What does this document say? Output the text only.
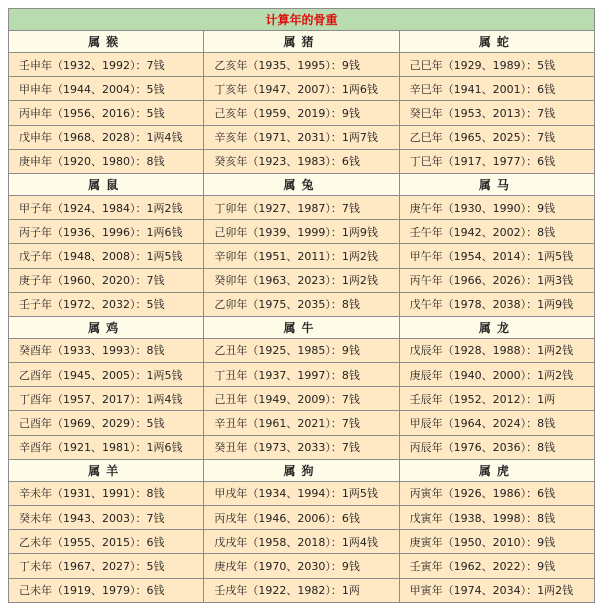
计算年的骨重		
属猴	属猪	属蛇
壬申年（1932、1992）：7钱	乙亥年（1935、1995）：9钱	己巳年（1929、1989）：5钱
甲申年（1944、2004）：5钱	丁亥年（1947、2007）：1两6钱	辛巳年（1941、2001）：6钱
丙申年（1956、2016）：5钱	己亥年（1959、2019）：9钱	癸巳年（1953、2013）：7钱
戊申年（1968、2028）：1两4钱	辛亥年（1971、2031）：1两7钱	乙巳年（1965、2025）：7钱
庚申年（1920、1980）：8钱	癸亥年（1923、1983）：6钱	丁巳年（1917、1977）：6钱
属鼠	属兔	属马
甲子年（1924、1984）：1两2钱	丁卯年（1927、1987）：7钱	庚午年（1930、1990）：9钱
丙子年（1936、1996）：1两6钱	己卯年（1939、1999）：1两9钱	壬午年（1942、2002）：8钱
戊子年（1948、2008）：1两5钱	辛卯年（1951、2011）：1两2钱	甲午年（1954、2014）：1两5钱
庚子年（1960、2020）：7钱	癸卯年（1963、2023）：1两2钱	丙午年（1966、2026）：1两3钱
壬子年（1972、2032）：5钱	乙卯年（1975、2035）：8钱	戊午年（1978、2038）：1两9钱
属鸡	属牛	属龙
癸酉年（1933、1993）：8钱	乙丑年（1925、1985）：9钱	戊辰年（1928、1988）：1两2钱
乙酉年（1945、2005）：1两5钱	丁丑年（1937、1997）：8钱	庚辰年（1940、2000）：1两2钱
丁酉年（1957、2017）：1两4钱	己丑年（1949、2009）：7钱	壬辰年（1952、2012）：1两
己酉年（1969、2029）：5钱	辛丑年（1961、2021）：7钱	甲辰年（1964、2024）：8钱
辛酉年（1921、1981）：1两6钱	癸丑年（1973、2033）：7钱	丙辰年（1976、2036）：8钱
属羊	属狗	属虎
辛未年（1931、1991）：8钱	甲戌年（1934、1994）：1两5钱	丙寅年（1926、1986）：6钱
癸未年（1943、2003）：7钱	丙戌年（1946、2006）：6钱	戊寅年（1938、1998）：8钱
乙未年（1955、2015）：6钱	戊戌年（1958、2018）：1两4钱	庚寅年（1950、2010）：9钱
丁未年（1967、2027）：5钱	庚戌年（1970、2030）：9钱	壬寅年（1962、2022）：9钱
己未年（1919、1979）：6钱	壬戌年（1922、1982）：1两	甲寅年（1974、2034）：1两2钱
